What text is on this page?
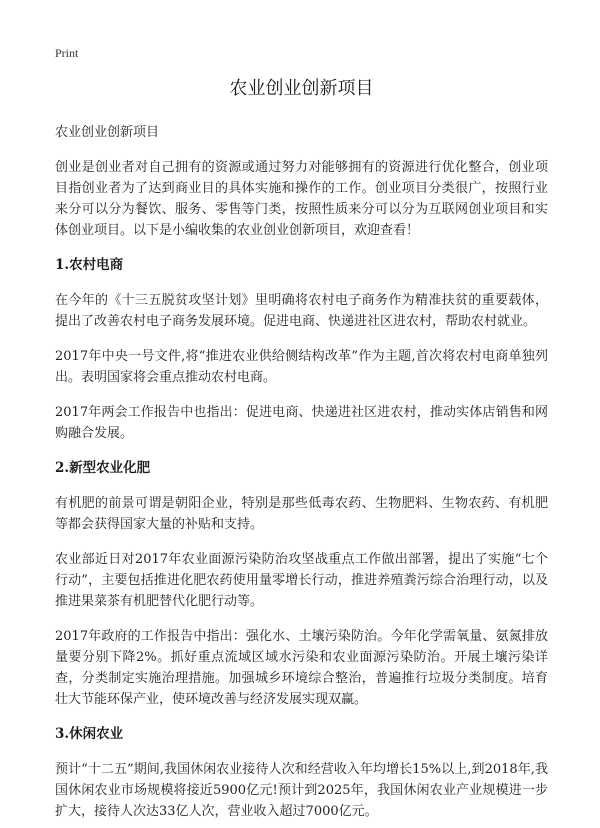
Print
农业创业创新项目
农业创业创新项目

创业是创业者对自己拥有的资源或通过努力对能够拥有的资源进行优化整合，创业项目指创业者为了达到商业目的具体实施和操作的工作。创业项目分类很广，按照行业来分可以分为餐饮、服务、零售等门类，按照性质来分可以分为互联网创业项目和实体创业项目。以下是小编收集的农业创业创新项目，欢迎查看！

1.农村电商

在今年的《十三五脱贫攻坚计划》里明确将农村电子商务作为精准扶贫的重要载体，提出了改善农村电子商务发展环境。促进电商、快递进社区进农村，帮助农村就业。

2017年中央一号文件,将“推进农业供给侧结构改革”作为主题,首次将农村电商单独列出。表明国家将会重点推动农村电商。

2017年两会工作报告中也指出：促进电商、快递进社区进农村，推动实体店销售和网购融合发展。

2.新型农业化肥

有机肥的前景可谓是朝阳企业，特别是那些低毒农药、生物肥料、生物农药、有机肥等都会获得国家大量的补贴和支持。

农业部近日对2017年农业面源污染防治攻坚战重点工作做出部署，提出了实施“七个行动”，主要包括推进化肥农药使用量零增长行动，推进养殖粪污综合治理行动，以及推进果菜茶有机肥替代化肥行动等。

2017年政府的工作报告中指出：强化水、土壤污染防治。今年化学需氧量、氨氮排放量要分别下降2%。抓好重点流域区域水污染和农业面源污染防治。开展土壤污染详查，分类制定实施治理措施。加强城乡环境综合整治，普遍推行垃圾分类制度。培育壮大节能环保产业，使环境改善与经济发展实现双赢。

3.休闲农业

预计“十二五”期间,我国休闲农业接待人次和经营收入年均增长15%以上,到2018年,我国休闲农业市场规模将接近5900亿元!预计到2025年，我国休闲农业产业规模进一步扩大，接待人次达33亿人次，营业收入超过7000亿元。
